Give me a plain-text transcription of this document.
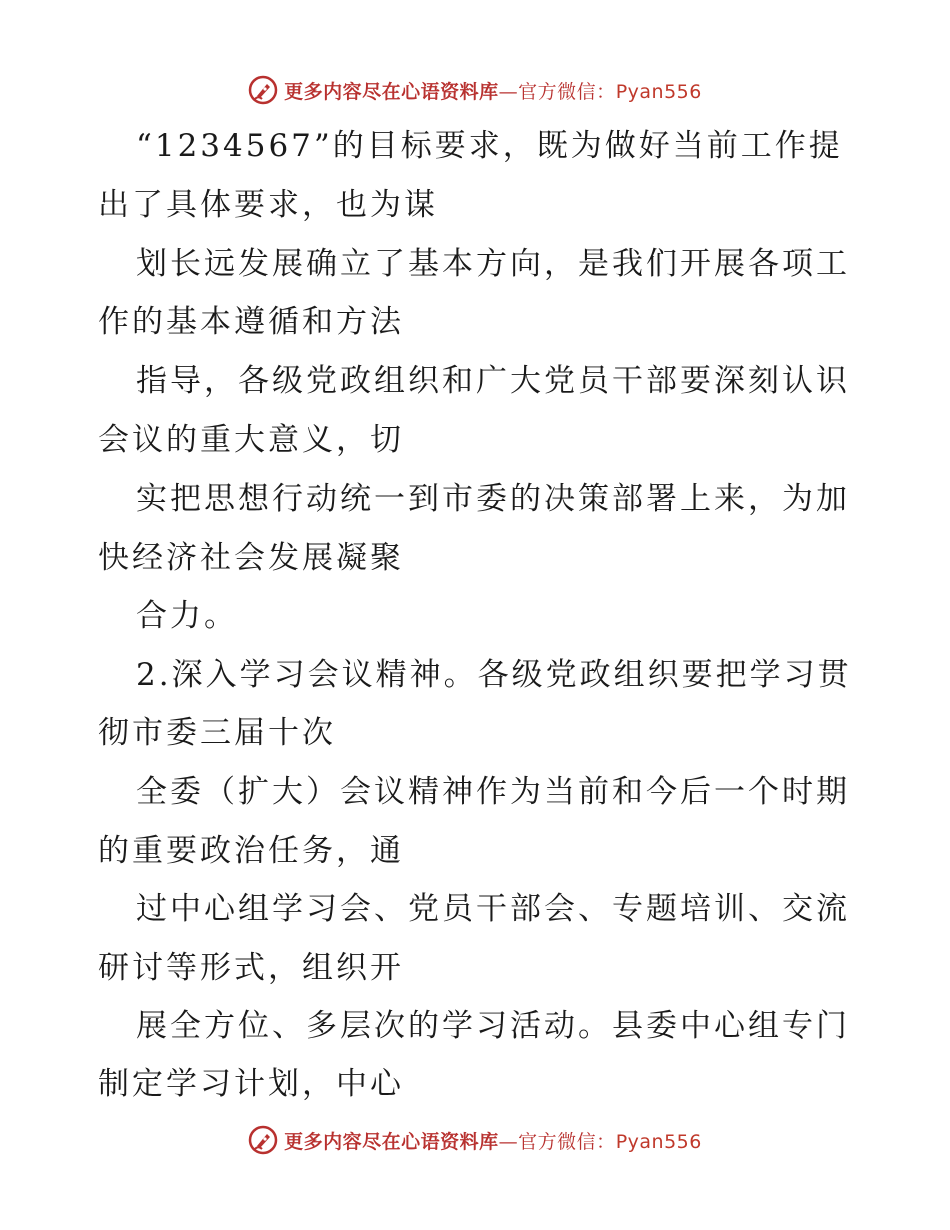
更多内容尽在心语资料库—官方微信：Pyan556
“1234567”的目标要求，既为做好当前工作提
出了具体要求，也为谋
划长远发展确立了基本方向，是我们开展各项工
作的基本遵循和方法
指导，各级党政组织和广大党员干部要深刻认识
会议的重大意义，切
实把思想行动统一到市委的决策部署上来，为加
快经济社会发展凝聚
合力。
2.深入学习会议精神。各级党政组织要把学习贯
彻市委三届十次
全委（扩大）会议精神作为当前和今后一个时期
的重要政治任务，通
过中心组学习会、党员干部会、专题培训、交流
研讨等形式，组织开
展全方位、多层次的学习活动。县委中心组专门
制定学习计划，中心
更多内容尽在心语资料库—官方微信：Pyan556
